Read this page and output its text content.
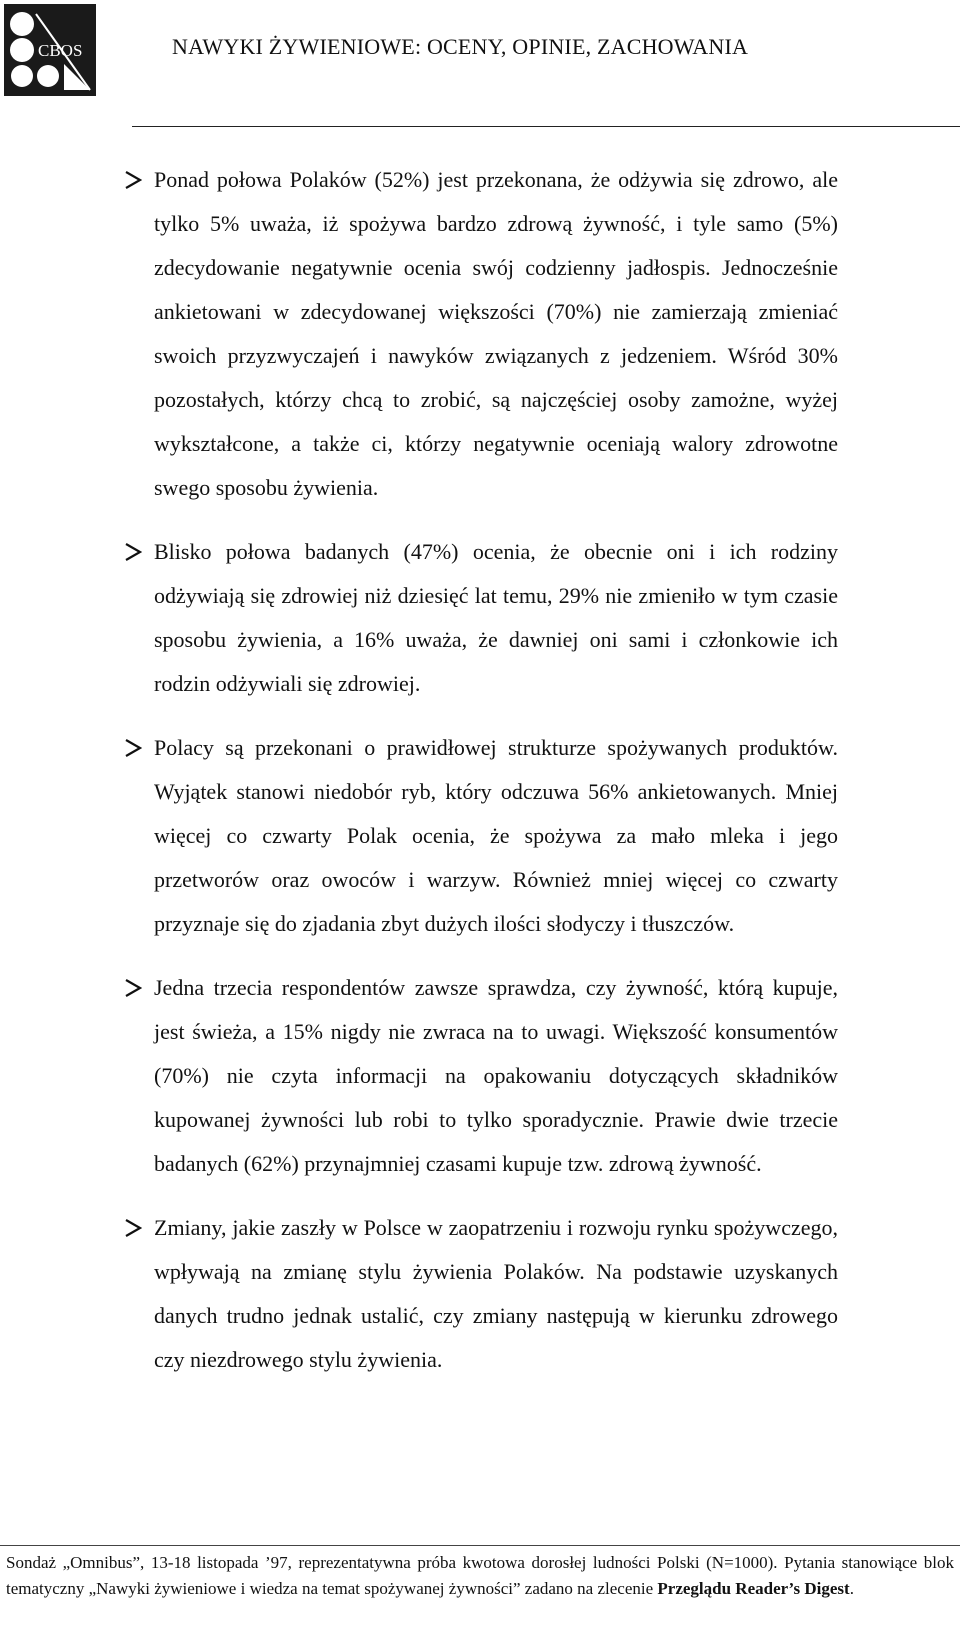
CBOS	NAWYKI ŻYWIENIOWE: OCENY, OPINIE, ZACHOWANIA
Ponad połowa Polaków (52%) jest przekonana, że odżywia się zdrowo, ale tylko 5% uważa, iż spożywa bardzo zdrową żywność, i tyle samo (5%) zdecydowanie negatywnie ocenia swój codzienny jadłospis. Jednocześnie ankietowani w zdecydowanej większości (70%) nie zamierzają zmieniać swoich przyzwyczajeń i nawyków związanych z jedzeniem. Wśród 30% pozostałych, którzy chcą to zrobić, są najczęściej osoby zamożne, wyżej wykształcone, a także ci, którzy negatywnie oceniają walory zdrowotne swego sposobu żywienia.
Blisko połowa badanych (47%) ocenia, że obecnie oni i ich rodziny odżywiają się zdrowiej niż dziesięć lat temu, 29% nie zmieniło w tym czasie sposobu żywienia, a 16% uważa, że dawniej oni sami i członkowie ich rodzin odżywiali się zdrowiej.
Polacy są przekonani o prawidłowej strukturze spożywanych produktów. Wyjątek stanowi niedobór ryb, który odczuwa 56% ankietowanych. Mniej więcej co czwarty Polak ocenia, że spożywa za mało mleka i jego przetworów oraz owoców i warzyw. Również mniej więcej co czwarty przyznaje się do zjadania zbyt dużych ilości słodyczy i tłuszczów.
Jedna trzecia respondentów zawsze sprawdza, czy żywność, którą kupuje, jest świeża, a 15% nigdy nie zwraca na to uwagi. Większość konsumentów (70%) nie czyta informacji na opakowaniu dotyczących składników kupowanej żywności lub robi to tylko sporadycznie. Prawie dwie trzecie badanych (62%) przynajmniej czasami kupuje tzw. zdrową żywność.
Zmiany, jakie zaszły w Polsce w zaopatrzeniu i rozwoju rynku spożywczego, wpływają na zmianę stylu żywienia Polaków. Na podstawie uzyskanych danych trudno jednak ustalić, czy zmiany następują w kierunku zdrowego czy niezdrowego stylu żywienia.
Sondaż „Omnibus”, 13-18 listopada ’97, reprezentatywna próba kwotowa dorosłej ludności Polski (N=1000). Pytania stanowiące blok tematyczny „Nawyki żywieniowe i wiedza na temat spożywanej żywności” zadano na zlecenie Przeglądu Reader’s Digest.
